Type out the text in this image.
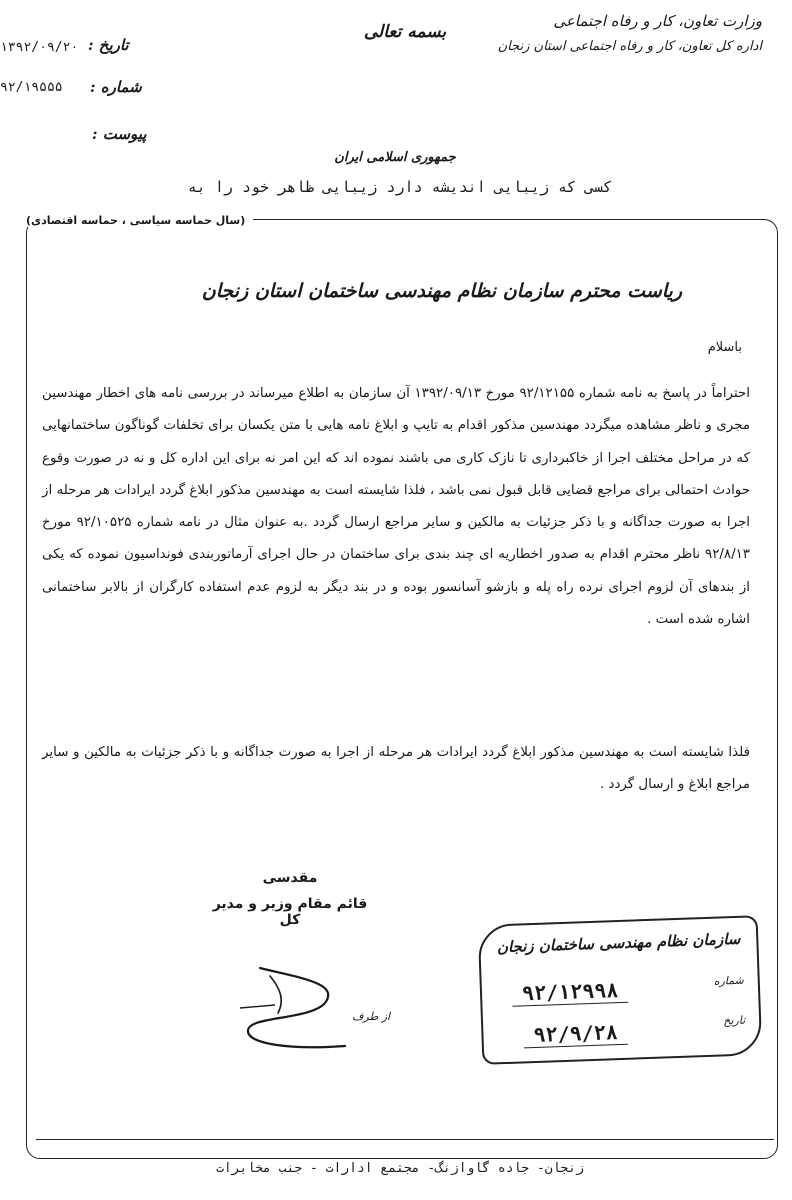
وزارت تعاون، کار و رفاه اجتماعی
اداره کل تعاون، کار و رفاه اجتماعی استان زنجان
بسمه تعالی
تاریخ :
۱۳۹۲/۰۹/۲۰
شماره :
۹۲/۱۹۵۵۵
پیوست :
جمهوری اسلامی ایران
کسی که زیبایی اندیشه دارد زیبایی ظاهر خود را به
(سال حماسه سیاسی ، حماسه اقتصادی)
ریاست محترم سازمان نظام مهندسی ساختمان استان زنجان
باسلام

احتراماً در پاسخ به نامه شماره ۹۲/۱۲۱۵۵ مورخ ۱۳۹۲/۰۹/۱۳ آن سازمان به اطلاع میرساند در بررسی نامه های اخطار مهندسین مجری و ناظر مشاهده میگردد مهندسین مذکور اقدام به تایپ و ابلاغ نامه هایی با متن یکسان برای تخلفات گوناگون ساختمانهایی که در مراحل مختلف اجرا از خاکبرداری تا نازک کاری می باشند نموده اند که این امر نه برای این اداره کل و نه در صورت وقوع حوادث احتمالی برای مراجع قضایی قابل قبول نمی باشد ، فلذا شایسته است به مهندسین مذکور ابلاغ گردد ایرادات هر مرحله از اجرا به صورت جداگانه و با ذکر جزئیات به مالکین و سایر مراجع ارسال گردد .به عنوان مثال در نامه شماره ۹۲/۱۰۵۲۵ مورخ ۹۲/۸/۱۳ ناظر محترم اقدام به صدور اخطاریه ای چند بندی برای ساختمان در حال اجرای آرماتوربندی فونداسیون نموده که یکی از بندهای آن لزوم اجرای نرده راه پله و بازشو آسانسور بوده و در بند دیگر به لزوم عدم استفاده کارگران از بالابر ساختمانی اشاره شده است .

فلذا شایسته است به مهندسین مذکور ابلاغ گردد ایرادات هر مرحله از اجرا به صورت جداگانه و با ذکر جزئیات به مالکین و سایر مراجع ابلاغ و ارسال گردد .

مقدسی
قائم مقام وزیر و مدیر کل
از طرف
سازمان نظام مهندسی ساختمان زنجان
شماره
۹۲/۱۲۹۹۸
تاریخ
۹۲/۹/۲۸
زنجان- جاده گاوازنگ- مجتمع ادارات - جنب مخابرات
